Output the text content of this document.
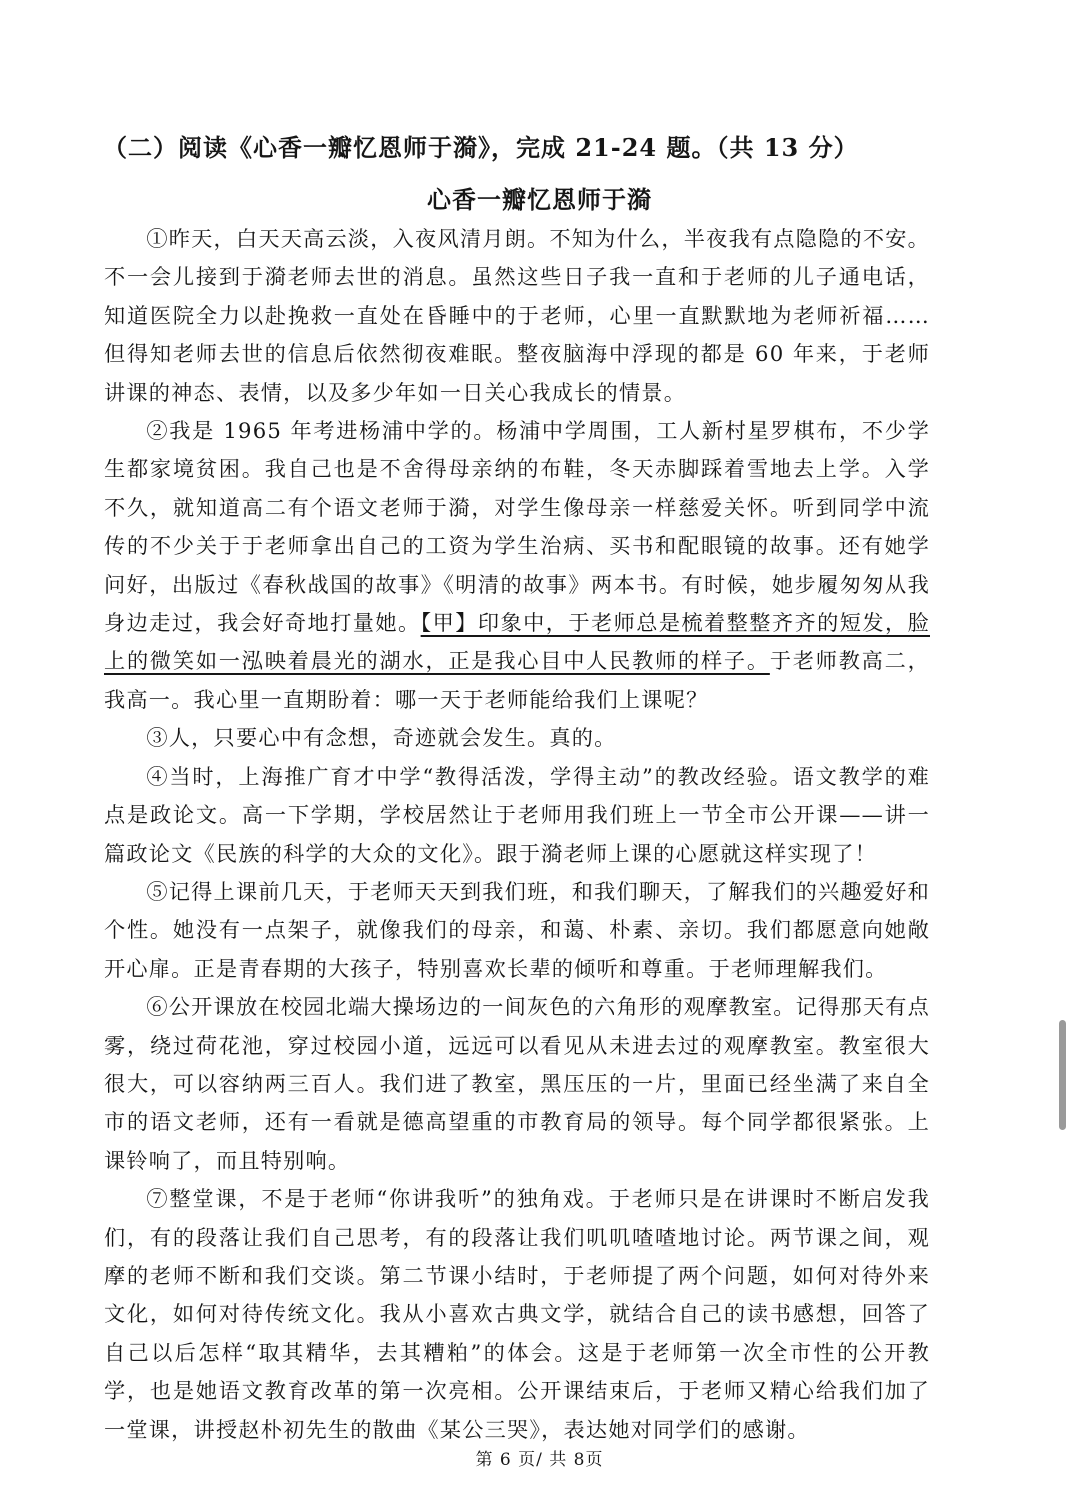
（二）阅读《心香一瓣忆恩师于漪》，完成 21-24 题。（共 13 分）
心香一瓣忆恩师于漪

①昨天，白天天高云淡，入夜风清月朗。不知为什么，半夜我有点隐隐的不安。不一会儿接到于漪老师去世的消息。虽然这些日子我一直和于老师的儿子通电话，知道医院全力以赴挽救一直处在昏睡中的于老师，心里一直默默地为老师祈福……但得知老师去世的信息后依然彻夜难眠。整夜脑海中浮现的都是 60 年来，于老师讲课的神态、表情，以及多少年如一日关心我成长的情景。

②我是 1965 年考进杨浦中学的。杨浦中学周围，工人新村星罗棋布，不少学生都家境贫困。我自己也是不舍得母亲纳的布鞋，冬天赤脚踩着雪地去上学。入学不久，就知道高二有个语文老师于漪，对学生像母亲一样慈爱关怀。听到同学中流传的不少关于于老师拿出自己的工资为学生治病、买书和配眼镜的故事。还有她学问好，出版过《春秋战国的故事》《明清的故事》两本书。有时候，她步履匆匆从我身边走过，我会好奇地打量她。【甲】印象中，于老师总是梳着整整齐齐的短发，脸上的微笑如一泓映着晨光的湖水，正是我心目中人民教师的样子。于老师教高二，我高一。我心里一直期盼着：哪一天于老师能给我们上课呢？

③人，只要心中有念想，奇迹就会发生。真的。

④当时，上海推广育才中学“教得活泼，学得主动”的教改经验。语文教学的难点是政论文。高一下学期，学校居然让于老师用我们班上一节全市公开课——讲一篇政论文《民族的科学的大众的文化》。跟于漪老师上课的心愿就这样实现了！

⑤记得上课前几天，于老师天天到我们班，和我们聊天，了解我们的兴趣爱好和个性。她没有一点架子，就像我们的母亲，和蔼、朴素、亲切。我们都愿意向她敞开心扉。正是青春期的大孩子，特别喜欢长辈的倾听和尊重。于老师理解我们。

⑥公开课放在校园北端大操场边的一间灰色的六角形的观摩教室。记得那天有点雾，绕过荷花池，穿过校园小道，远远可以看见从未进去过的观摩教室。教室很大很大，可以容纳两三百人。我们进了教室，黑压压的一片，里面已经坐满了来自全市的语文老师，还有一看就是德高望重的市教育局的领导。每个同学都很紧张。上课铃响了，而且特别响。

⑦整堂课，不是于老师“你讲我听”的独角戏。于老师只是在讲课时不断启发我们，有的段落让我们自己思考，有的段落让我们叽叽喳喳地讨论。两节课之间，观摩的老师不断和我们交谈。第二节课小结时，于老师提了两个问题，如何对待外来文化，如何对待传统文化。我从小喜欢古典文学，就结合自己的读书感想，回答了自己以后怎样“取其精华，去其糟粕”的体会。这是于老师第一次全市性的公开教学，也是她语文教育改革的第一次亮相。公开课结束后，于老师又精心给我们加了一堂课，讲授赵朴初先生的散曲《某公三哭》，表达她对同学们的感谢。

第 6 页/ 共 8页
